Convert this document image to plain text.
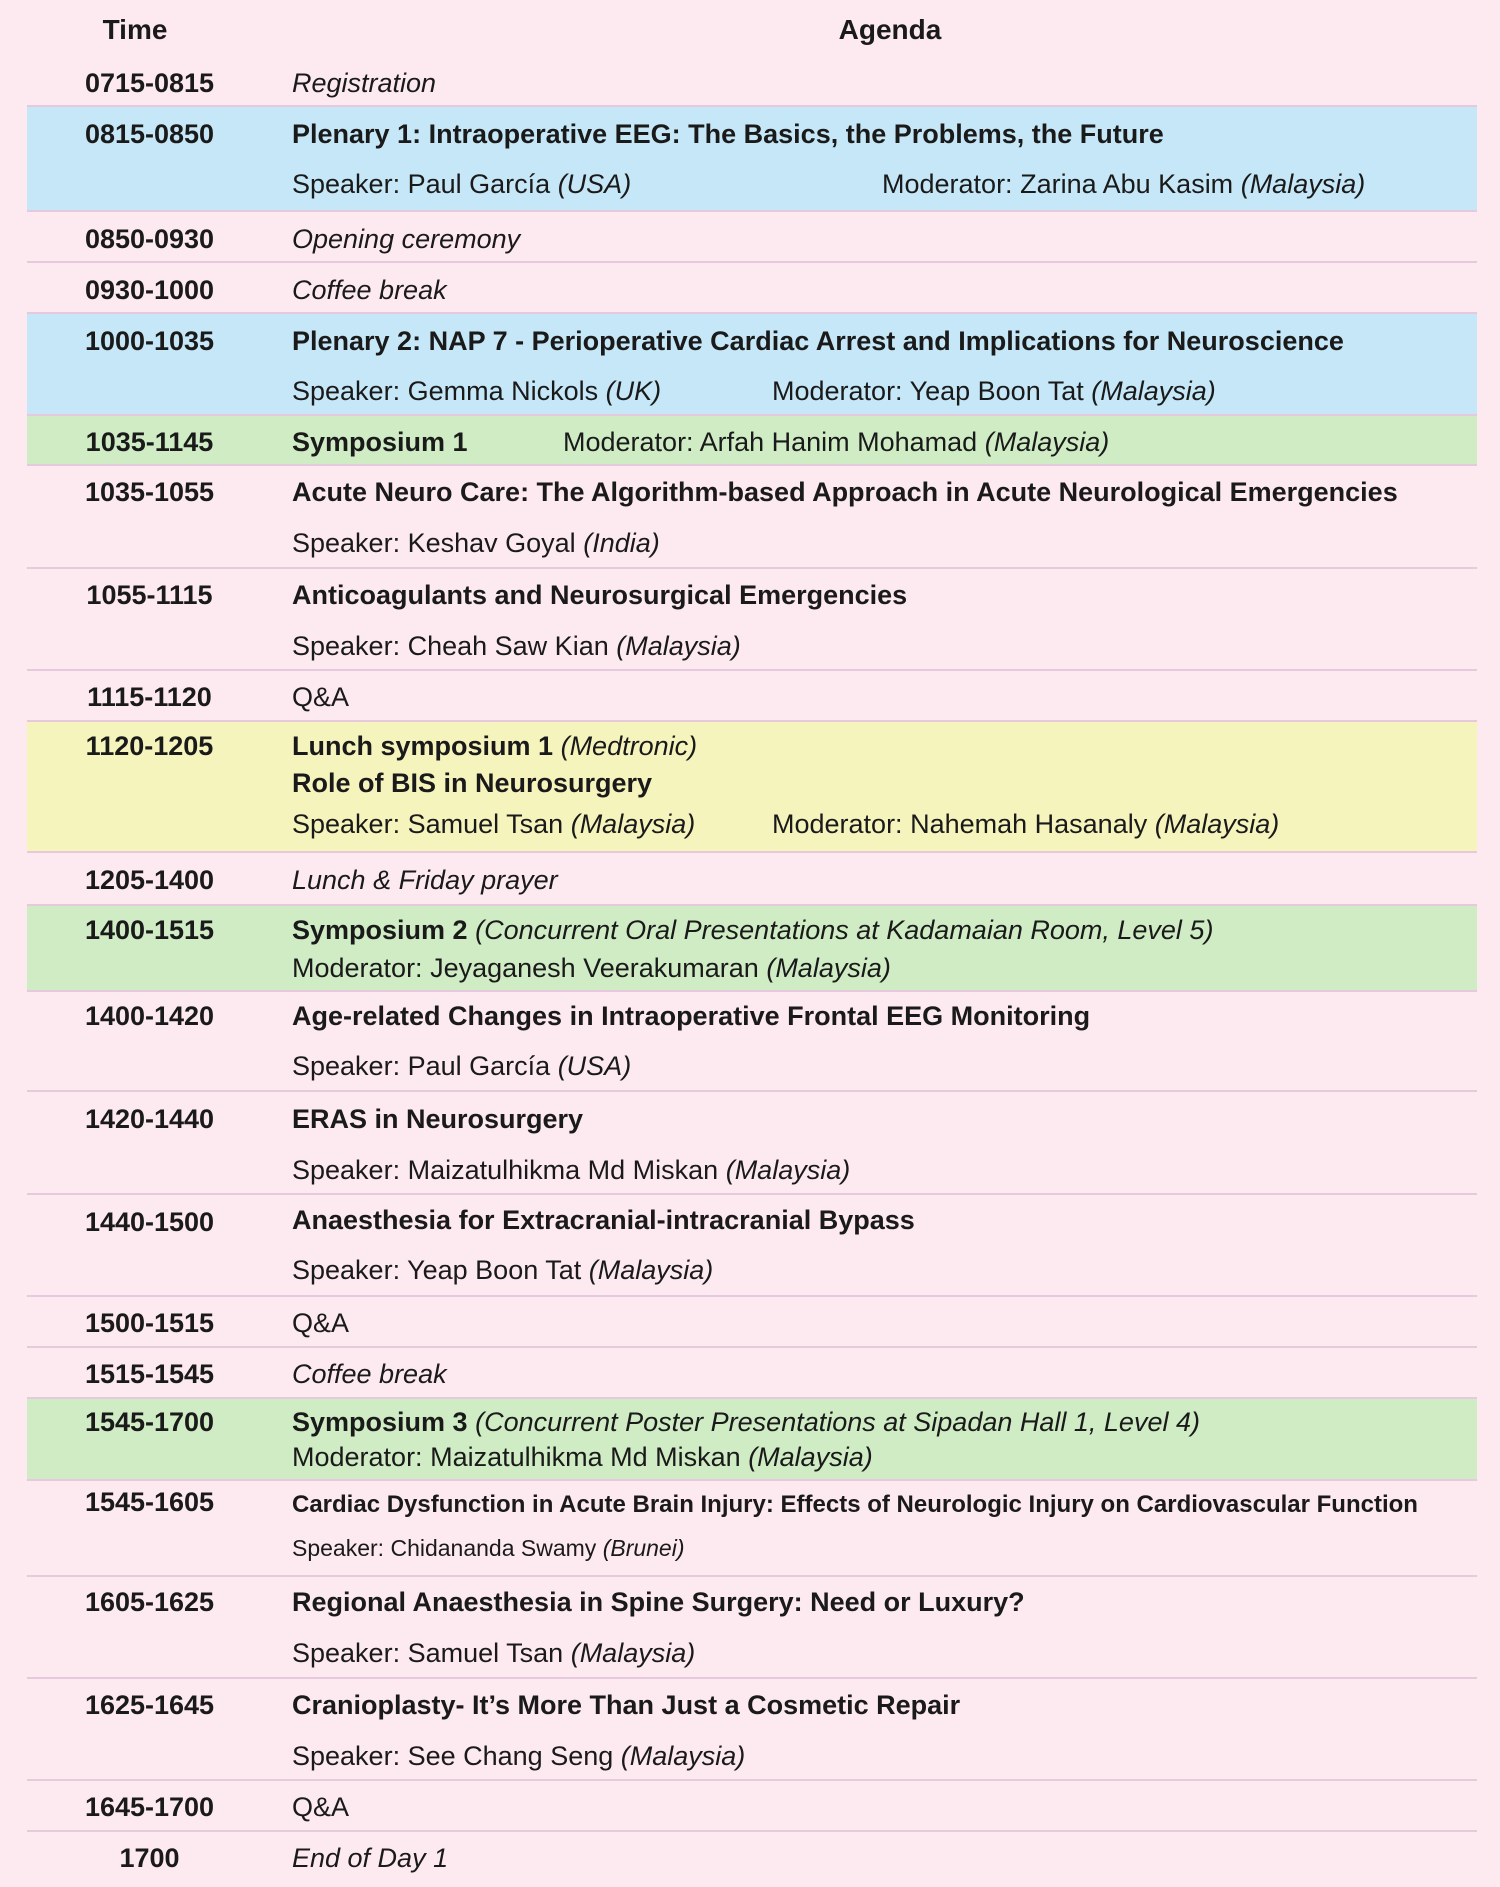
Time	Agenda
0715-0815	Registration
0815-0850	Plenary 1: Intraoperative EEG: The Basics, the Problems, the Future
Speaker: Paul García (USA)	Moderator: Zarina Abu Kasim (Malaysia)
0850-0930	Opening ceremony
0930-1000	Coffee break
1000-1035	Plenary 2: NAP 7 - Perioperative Cardiac Arrest and Implications for Neuroscience
Speaker: Gemma Nickols (UK)	Moderator: Yeap Boon Tat (Malaysia)
1035-1145	Symposium 1	Moderator: Arfah Hanim Mohamad (Malaysia)
1035-1055	Acute Neuro Care: The Algorithm-based Approach in Acute Neurological Emergencies
Speaker: Keshav Goyal (India)
1055-1115	Anticoagulants and Neurosurgical Emergencies
Speaker: Cheah Saw Kian (Malaysia)
1115-1120	Q&A
1120-1205	Lunch symposium 1 (Medtronic)
Role of BIS in Neurosurgery
Speaker: Samuel Tsan (Malaysia)	Moderator: Nahemah Hasanaly (Malaysia)
1205-1400	Lunch & Friday prayer
1400-1515	Symposium 2 (Concurrent Oral Presentations at Kadamaian Room, Level 5)
Moderator: Jeyaganesh Veerakumaran (Malaysia)
1400-1420	Age-related Changes in Intraoperative Frontal EEG Monitoring
Speaker: Paul García (USA)
1420-1440	ERAS in Neurosurgery
Speaker: Maizatulhikma Md Miskan (Malaysia)
1440-1500	Anaesthesia for Extracranial-intracranial Bypass
Speaker: Yeap Boon Tat (Malaysia)
1500-1515	Q&A
1515-1545	Coffee break
1545-1700	Symposium 3 (Concurrent Poster Presentations at Sipadan Hall 1, Level 4)
Moderator: Maizatulhikma Md Miskan (Malaysia)
1545-1605	Cardiac Dysfunction in Acute Brain Injury: Effects of Neurologic Injury on Cardiovascular Function
Speaker: Chidananda Swamy (Brunei)
1605-1625	Regional Anaesthesia in Spine Surgery: Need or Luxury?
Speaker: Samuel Tsan (Malaysia)
1625-1645	Cranioplasty- It’s More Than Just a Cosmetic Repair
Speaker: See Chang Seng (Malaysia)
1645-1700	Q&A
1700	End of Day 1
